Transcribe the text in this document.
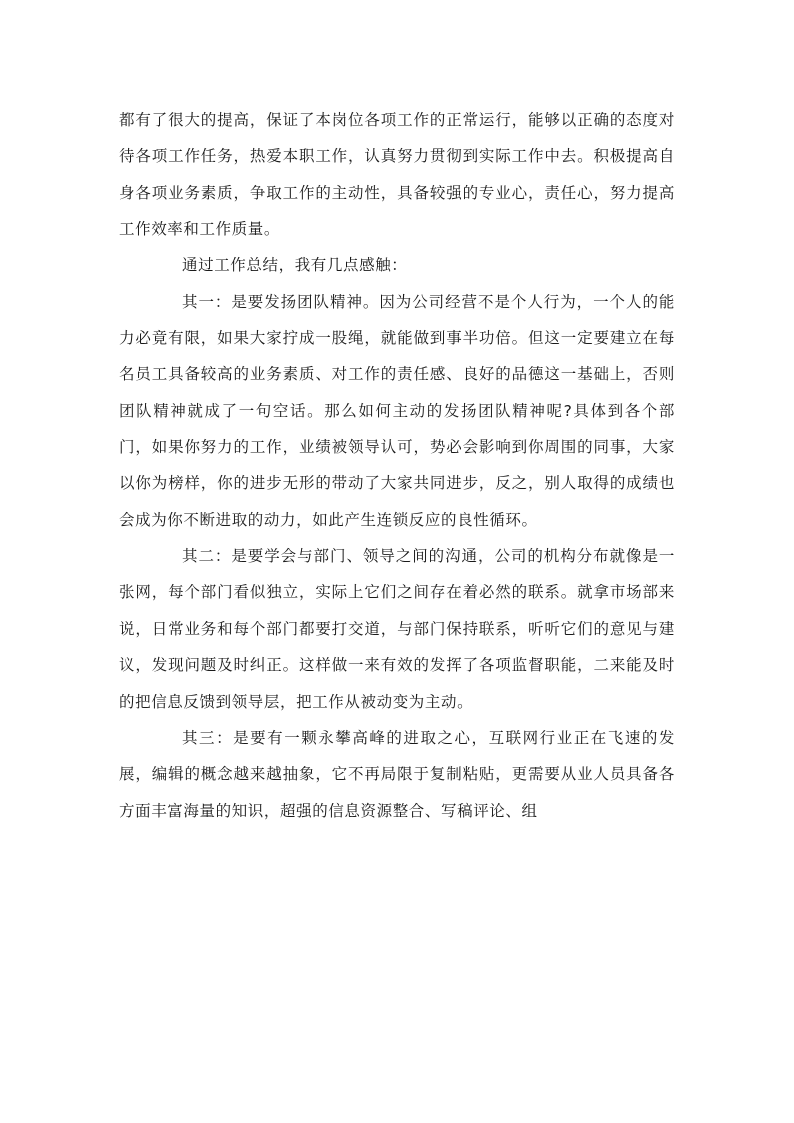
都有了很大的提高，保证了本岗位各项工作的正常运行，能够以正确的态度对待各项工作任务，热爱本职工作，认真努力贯彻到实际工作中去。积极提高自身各项业务素质，争取工作的主动性，具备较强的专业心，责任心，努力提高工作效率和工作质量。

通过工作总结，我有几点感触：

其一：是要发扬团队精神。因为公司经营不是个人行为，一个人的能力必竟有限，如果大家拧成一股绳，就能做到事半功倍。但这一定要建立在每名员工具备较高的业务素质、对工作的责任感、良好的品德这一基础上，否则团队精神就成了一句空话。那么如何主动的发扬团队精神呢?具体到各个部门，如果你努力的工作，业绩被领导认可，势必会影响到你周围的同事，大家以你为榜样，你的进步无形的带动了大家共同进步，反之，别人取得的成绩也会成为你不断进取的动力，如此产生连锁反应的良性循环。

其二：是要学会与部门、领导之间的沟通，公司的机构分布就像是一张网，每个部门看似独立，实际上它们之间存在着必然的联系。就拿市场部来说，日常业务和每个部门都要打交道，与部门保持联系，听听它们的意见与建议，发现问题及时纠正。这样做一来有效的发挥了各项监督职能，二来能及时的把信息反馈到领导层，把工作从被动变为主动。

其三：是要有一颗永攀高峰的进取之心，互联网行业正在飞速的发展，编辑的概念越来越抽象，它不再局限于复制粘贴，更需要从业人员具备各方面丰富海量的知识，超强的信息资源整合、写稿评论、组
